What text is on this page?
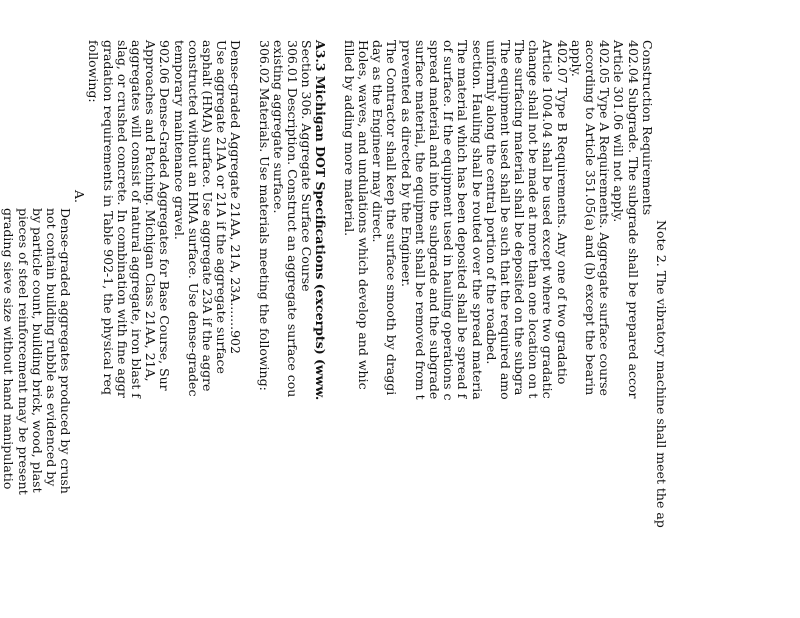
Note 2. The vibratory machine shall meet the ap
Construction Requirements
402.04 Subgrade. The subgrade shall be prepared accor
Article 301.06 will not apply.
402.05 Type A Requirements. Aggregate surface course
according to Article 351.05(a) and (b) except the bearin
apply.
402.07 Type B Requirements. Any one of two gradatio
Article 1004.04 shall be used except where two gradatic
change shall not be made at more than one location on t
The surfacing material shall be deposited on the subgra
The equipment used shall be such that the required amo
uniformly along the central portion of the roadbed.
section. Hauling shall be routed over the spread materia
The material which has been deposited shall be spread f
of surface. If the equipment used in hauling operations c
spread material and into the subgrade and the subgrade
surface material, the equipment shall be removed from t
prevented as directed by the Engineer.
The Contractor shall keep the surface smooth by draggi
day as the Engineer may direct.
Holes, waves, and undulations which develop and whic
filled by adding more material.
A3.3 Michigan DOT Specifications (excerpts) (www.
Section 306. Aggregate Surface Course
306.01 Description. Construct an aggregate surface cou
existing aggregate surface.
306.02 Materials. Use materials meeting the following:
Dense-graded Aggregate 21AA, 21A, 23A.......902
Use aggregate 21AA or 21A if the aggregate surface
asphalt (HMA) surface. Use aggregate 23A if the aggre
constructed without an HMA surface. Use dense-gradec
temporary maintenance gravel.
902.06 Dense-Graded Aggregates for Base Course, Sur
Approaches and Patching. Michigan Class 21AA, 21A,
aggregates will consist of natural aggregate, iron blast f
slag, or crushed concrete. In combination with fine aggr
gradation requirements in Table 902-1, the physical req
following:
A.
Dense-graded aggregates produced by crush
not contain building rubble as evidenced by
by particle count, building brick, wood, plast
pieces of steel reinforcement may be present
grading sieve size without hand manipulatio
